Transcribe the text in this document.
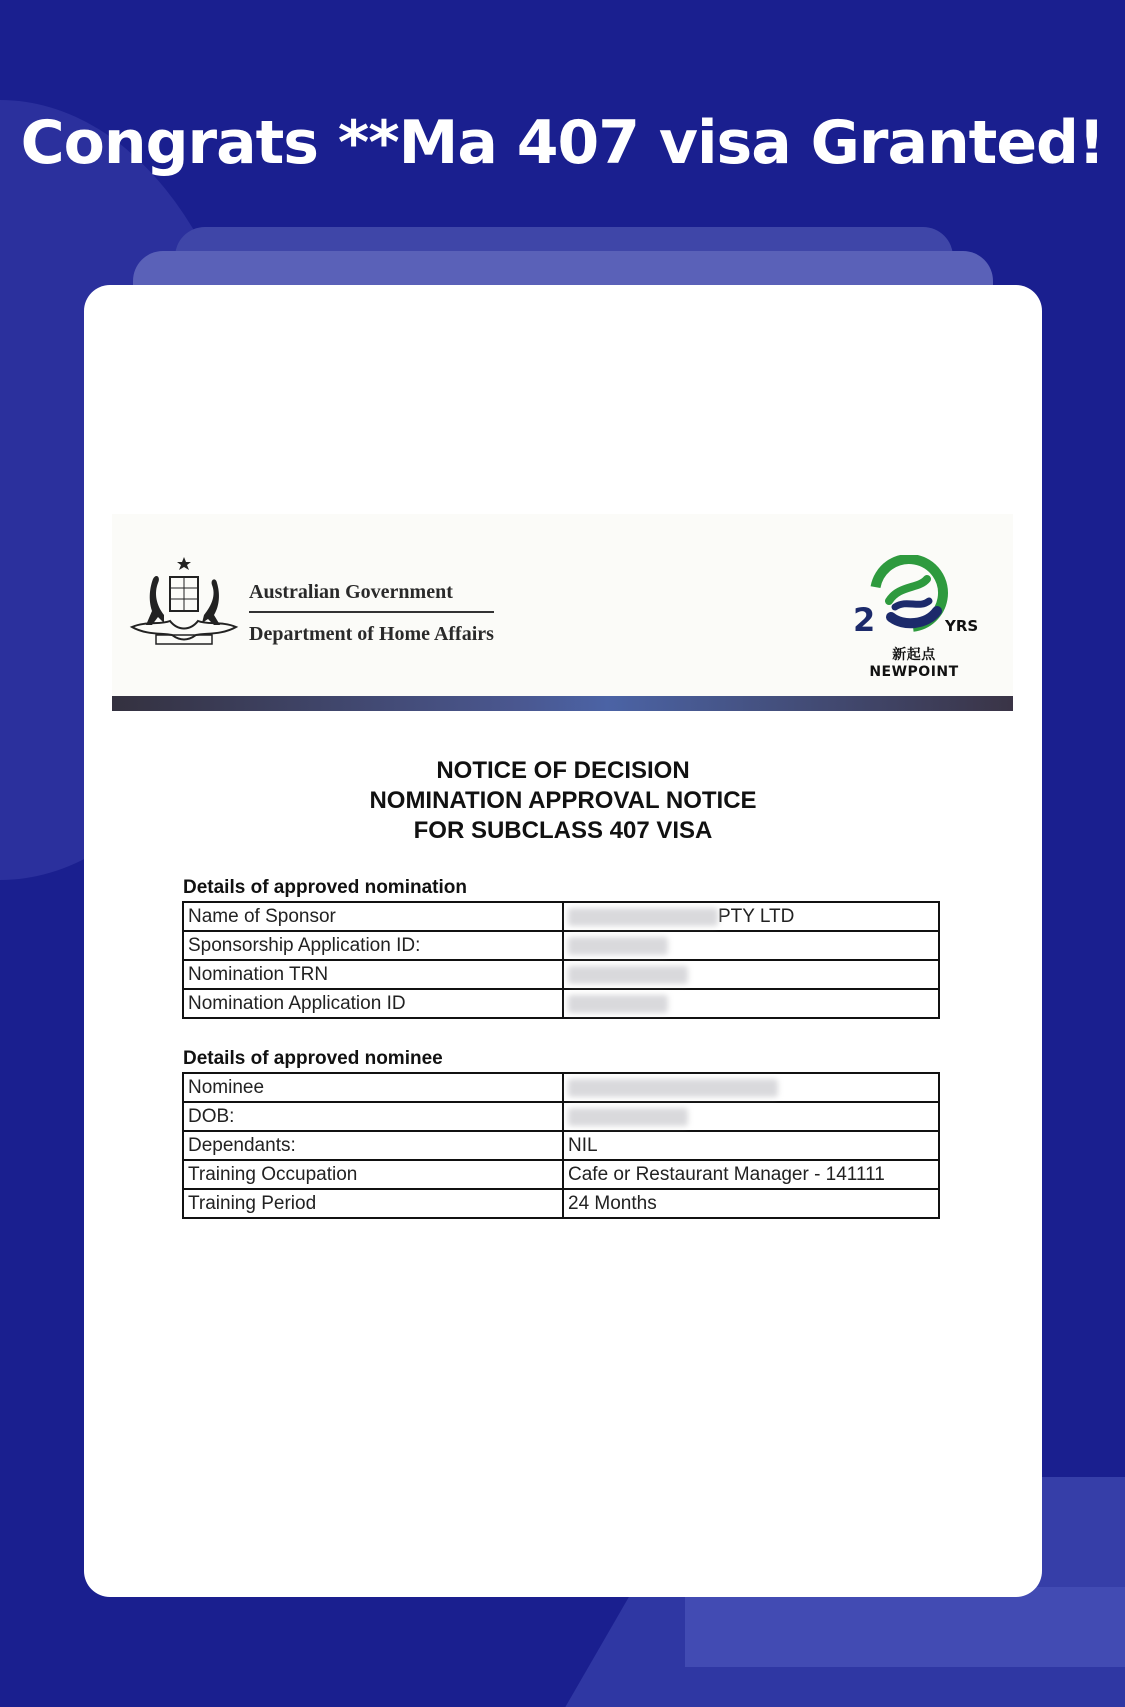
Congrats **Ma 407 visa Granted!
Australian Government
Department of Home Affairs	2	YRS
新起点NEWPOINT
NOTICE OF DECISION
NOMINATION APPROVAL NOTICE
FOR SUBCLASS 407 VISA
Details of approved nomination
Name of Sponsor	PTY LTD
Sponsorship Application ID:	
Nomination TRN	
Nomination Application ID	
Details of approved nominee
Nominee	
DOB:	
Dependants:	NIL
Training Occupation	Cafe or Restaurant Manager - 141111
Training Period	24 Months
